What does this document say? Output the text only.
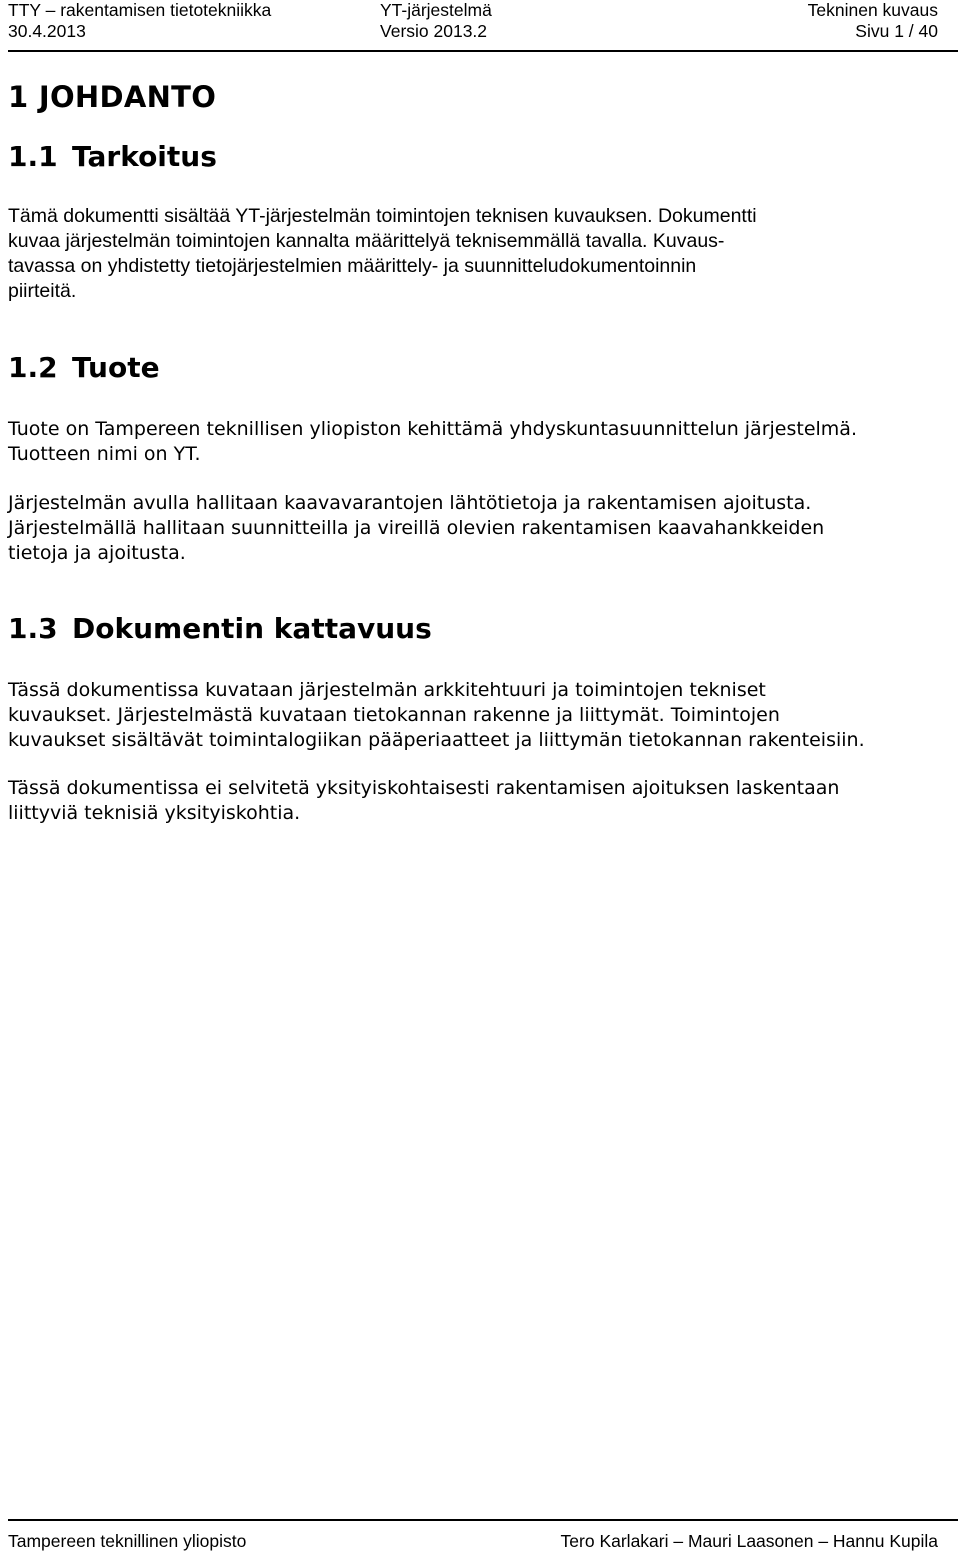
TTY – rakentamisen tietotekniikka	YT-järjestelmä	Tekninen kuvaus
30.4.2013	Versio 2013.2	Sivu 1 / 40
1 JOHDANTO
1.1 Tarkoitus
Tämä dokumentti sisältää YT-järjestelmän toimintojen teknisen kuvauksen. Dokumentti
kuvaa järjestelmän toimintojen kannalta määrittelyä teknisemmällä tavalla. Kuvaus-
tavassa on yhdistetty tietojärjestelmien määrittely- ja suunnitteludokumentoinnin
piirteitä.
1.2 Tuote
Tuote on Tampereen teknillisen yliopiston kehittämä yhdyskuntasuunnittelun järjestelmä.
Tuotteen nimi on YT.
Järjestelmän avulla hallitaan kaavavarantojen lähtötietoja ja rakentamisen ajoitusta.
Järjestelmällä hallitaan suunnitteilla ja vireillä olevien rakentamisen kaavahankkeiden
tietoja ja ajoitusta.
1.3 Dokumentin kattavuus
Tässä dokumentissa kuvataan järjestelmän arkkitehtuuri ja toimintojen tekniset
kuvaukset. Järjestelmästä kuvataan tietokannan rakenne ja liittymät. Toimintojen
kuvaukset sisältävät toimintalogiikan pääperiaatteet ja liittymän tietokannan rakenteisiin.
Tässä dokumentissa ei selvitetä yksityiskohtaisesti rakentamisen ajoituksen laskentaan
liittyviä teknisiä yksityiskohtia.
Tampereen teknillinen yliopisto	Tero Karlakari – Mauri Laasonen – Hannu Kupila
